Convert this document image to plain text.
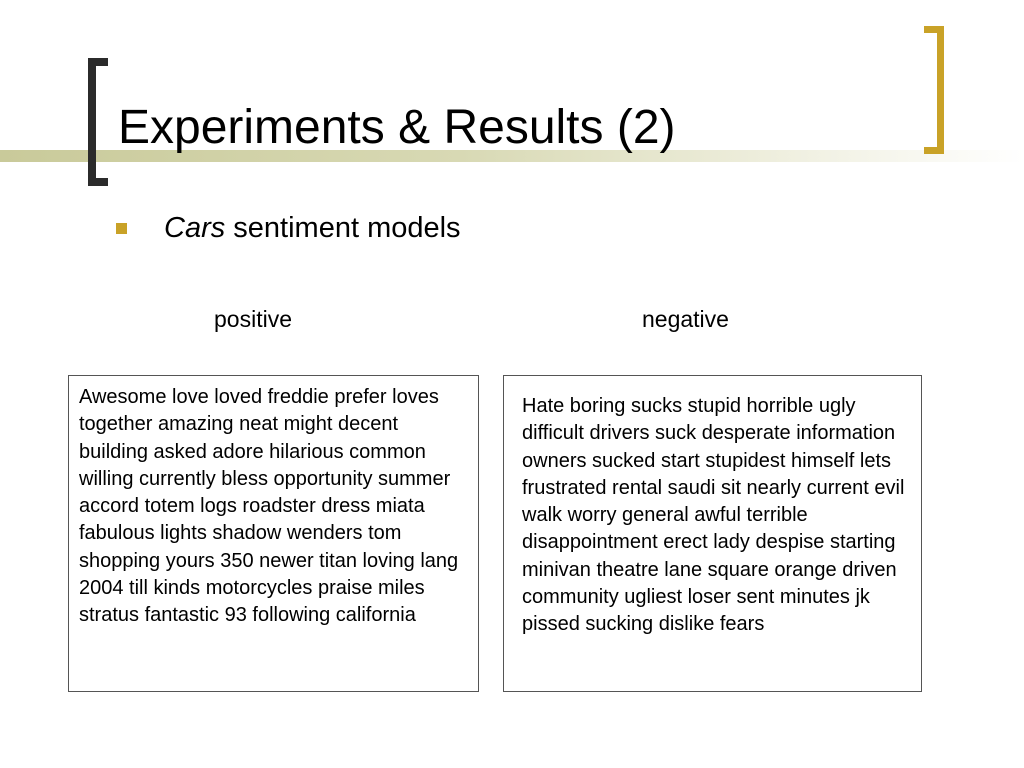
Experiments & Results (2)
Cars sentiment models
positive	negative

Awesome love loved freddie prefer loves together amazing neat might decent building asked adore hilarious common willing currently bless opportunity summer accord totem logs roadster dress miata fabulous lights shadow wenders tom shopping yours 350 newer titan loving lang 2004 till kinds motorcycles praise miles stratus fantastic 93 following california

Hate boring sucks stupid horrible ugly difficult drivers suck desperate information owners sucked start stupidest himself lets frustrated rental saudi sit nearly current evil walk worry general awful terrible disappointment erect lady despise starting minivan theatre lane square orange driven community ugliest loser sent minutes jk pissed sucking dislike fears
